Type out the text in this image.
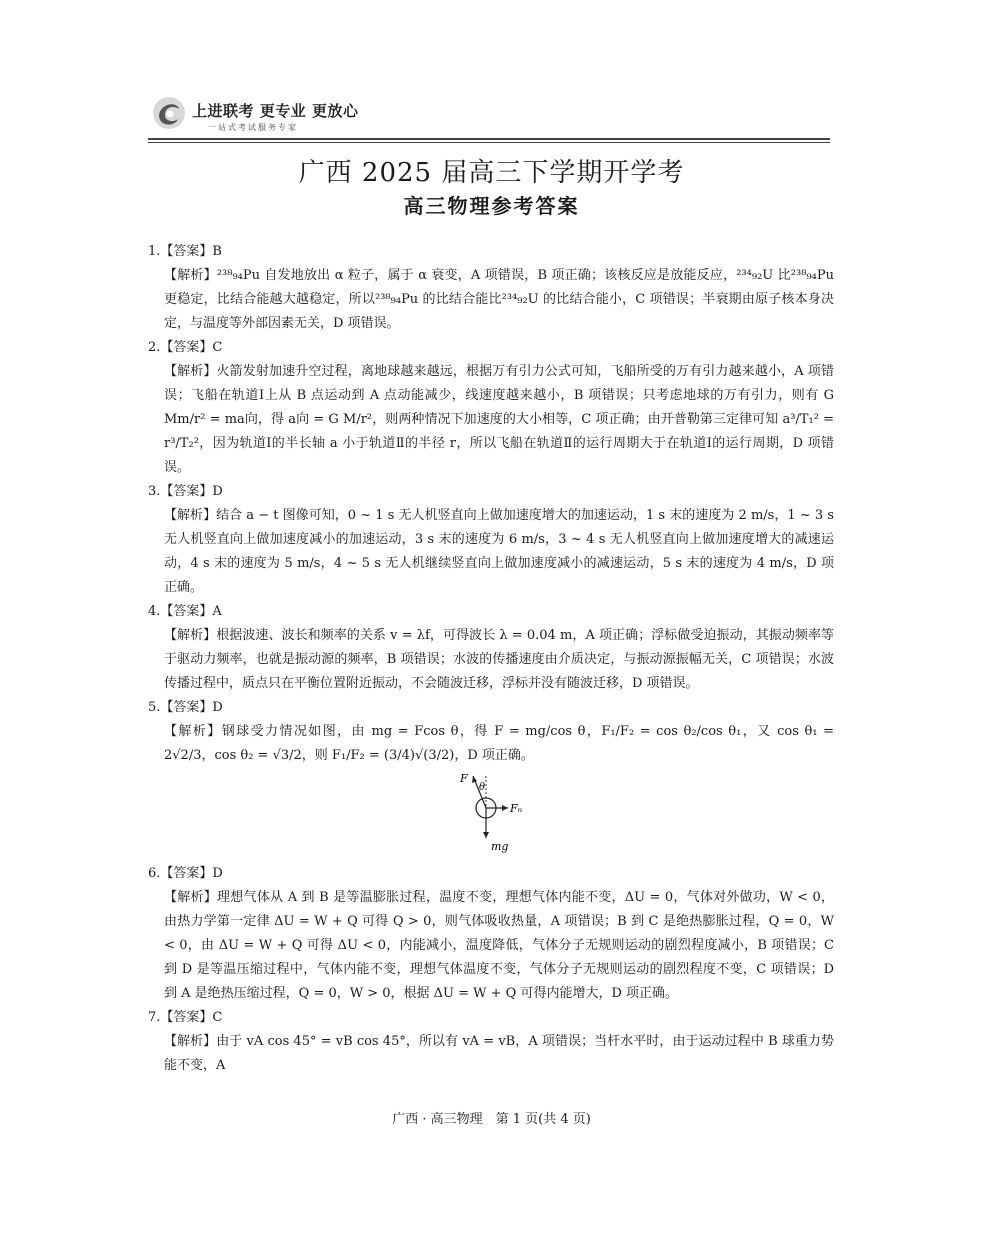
上进联考 更专业 更放心
一站式考试服务专家
广西 2025 届高三下学期开学考
高三物理参考答案

1.【答案】B

【解析】²³⁸₉₄Pu 自发地放出 α 粒子，属于 α 衰变，A 项错误，B 项正确；该核反应是放能反应，²³⁴₉₂U 比²³⁸₉₄Pu 更稳定，比结合能越大越稳定，所以²³⁸₉₄Pu 的比结合能比²³⁴₉₂U 的比结合能小，C 项错误；半衰期由原子核本身决定，与温度等外部因素无关，D 项错误。

2.【答案】C

【解析】火箭发射加速升空过程，离地球越来越远，根据万有引力公式可知，飞船所受的万有引力越来越小，A 项错误；飞船在轨道Ⅰ上从 B 点运动到 A 点动能减少，线速度越来越小，B 项错误；只考虑地球的万有引力，则有 G Mm/r² = ma向，得 a向 = G M/r²，则两种情况下加速度的大小相等，C 项正确；由开普勒第三定律可知 a³/T₁² = r³/T₂²，因为轨道Ⅰ的半长轴 a 小于轨道Ⅱ的半径 r，所以飞船在轨道Ⅱ的运行周期大于在轨道Ⅰ的运行周期，D 项错误。

3.【答案】D

【解析】结合 a − t 图像可知，0 ~ 1 s 无人机竖直向上做加速度增大的加速运动，1 s 末的速度为 2 m/s，1 ~ 3 s 无人机竖直向上做加速度减小的加速运动，3 s 末的速度为 6 m/s，3 ~ 4 s 无人机竖直向上做加速度增大的减速运动，4 s 末的速度为 5 m/s，4 ~ 5 s 无人机继续竖直向上做加速度减小的减速运动，5 s 末的速度为 4 m/s，D 项正确。

4.【答案】A

【解析】根据波速、波长和频率的关系 v = λf，可得波长 λ = 0.04 m，A 项正确；浮标做受迫振动，其振动频率等于驱动力频率，也就是振动源的频率，B 项错误；水波的传播速度由介质决定，与振动源振幅无关，C 项错误；水波传播过程中，质点只在平衡位置附近振动，不会随波迁移，浮标并没有随波迁移，D 项错误。

5.【答案】D

【解析】钢球受力情况如图，由 mg = Fcos θ，得 F = mg/cos θ，F₁/F₂ = cos θ₂/cos θ₁，又 cos θ₁ = 2√2/3，cos θ₂ = √3/2，则 F₁/F₂ = (3/4)√(3/2)，D 项正确。

F
θ
Fₙ
mg

6.【答案】D

【解析】理想气体从 A 到 B 是等温膨胀过程，温度不变，理想气体内能不变，ΔU = 0，气体对外做功，W < 0，由热力学第一定律 ΔU = W + Q 可得 Q > 0，则气体吸收热量，A 项错误；B 到 C 是绝热膨胀过程，Q = 0，W < 0，由 ΔU = W + Q 可得 ΔU < 0，内能减小，温度降低，气体分子无规则运动的剧烈程度减小，B 项错误；C 到 D 是等温压缩过程中，气体内能不变，理想气体温度不变，气体分子无规则运动的剧烈程度不变，C 项错误；D 到 A 是绝热压缩过程，Q = 0，W > 0，根据 ΔU = W + Q 可得内能增大，D 项正确。

7.【答案】C

【解析】由于 vA cos 45° = vB cos 45°，所以有 vA = vB，A 项错误；当杆水平时，由于运动过程中 B 球重力势能不变，A

广西 · 高三物理　第 1 页(共 4 页)
